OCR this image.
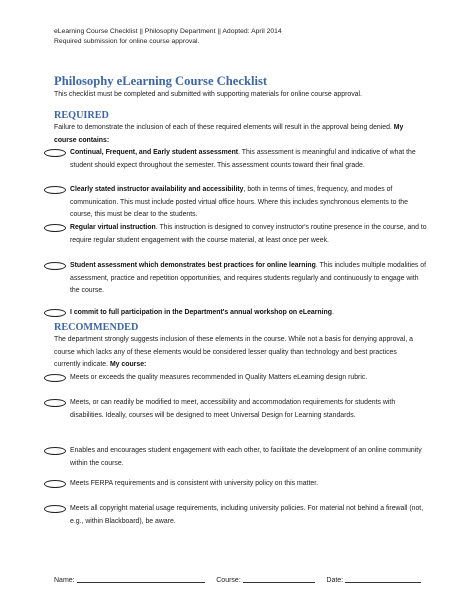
eLearning Course Checklist || Philosophy Department || Adopted: April 2014
Required submission for online course approval.
Philosophy eLearning Course Checklist
This checklist must be completed and submitted with supporting materials for online course approval.
REQUIRED
Failure to demonstrate the inclusion of each of these required elements will result in the approval being denied. My course contains:
Continual, Frequent, and Early student assessment. This assessment is meaningful and indicative of what the student should expect throughout the semester. This assessment counts toward their final grade.
Clearly stated instructor availability and accessibility, both in terms of times, frequency, and modes of communication. This must include posted virtual office hours. Where this includes synchronous elements to the course, this must be clear to the students.
Regular virtual instruction. This instruction is designed to convey instructor's routine presence in the course, and to require regular student engagement with the course material, at least once per week.
Student assessment which demonstrates best practices for online learning. This includes multiple modalities of assessment, practice and repetition opportunities, and requires students regularly and continuously to engage with the course.
I commit to full participation in the Department's annual workshop on eLearning.
RECOMMENDED
The department strongly suggests inclusion of these elements in the course. While not a basis for denying approval, a course which lacks any of these elements would be considered lesser quality than technology and best practices currently indicate. My course:
Meets or exceeds the quality measures recommended in Quality Matters eLearning design rubric.
Meets, or can readily be modified to meet, accessibility and accommodation requirements for students with disabilities. Ideally, courses will be designed to meet Universal Design for Learning standards.
Enables and encourages student engagement with each other, to facilitate the development of an online community within the course.
Meets FERPA requirements and is consistent with university policy on this matter.
Meets all copyright material usage requirements, including university policies. For material not behind a firewall (not, e.g., within Blackboard), be aware.
Name:	Course:	Date:
